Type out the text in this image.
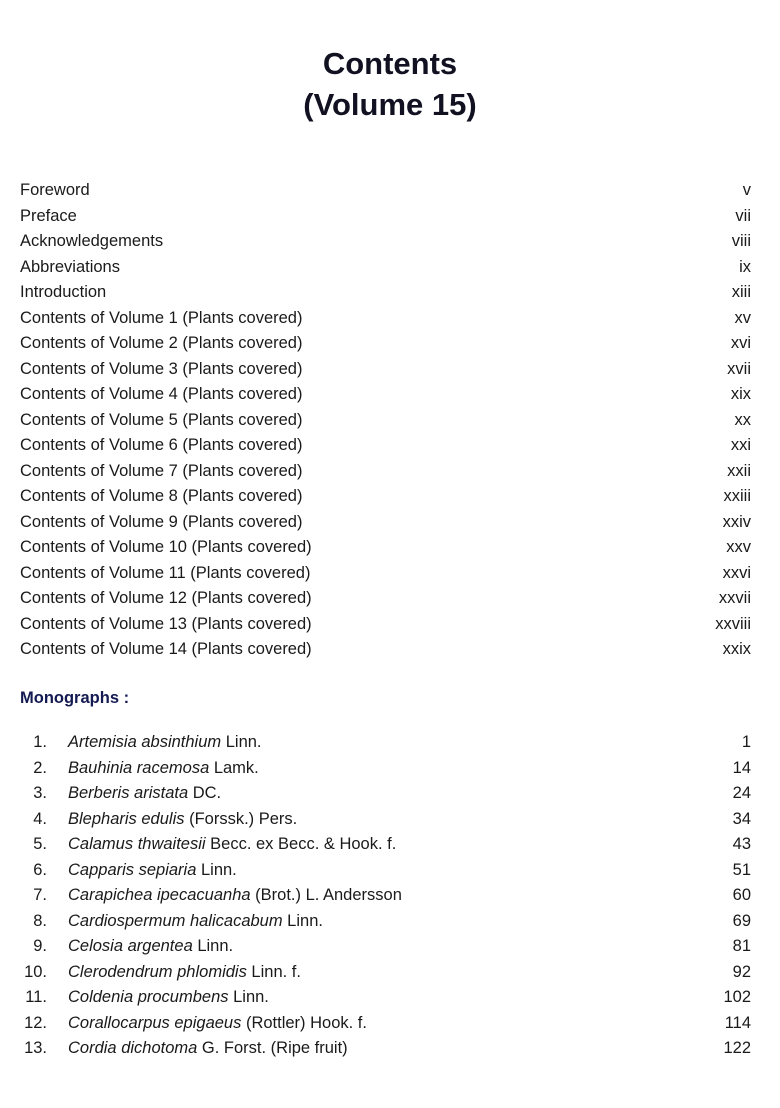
Contents
(Volume 15)
Foreword	v
Preface	vii
Acknowledgements	viii
Abbreviations	ix
Introduction	xiii
Contents of Volume 1 (Plants covered)	xv
Contents of Volume 2 (Plants covered)	xvi
Contents of Volume 3 (Plants covered)	xvii
Contents of Volume 4 (Plants covered)	xix
Contents of Volume 5 (Plants covered)	xx
Contents of Volume 6 (Plants covered)	xxi
Contents of Volume 7 (Plants covered)	xxii
Contents of Volume 8 (Plants covered)	xxiii
Contents of Volume 9 (Plants covered)	xxiv
Contents of Volume 10 (Plants covered)	xxv
Contents of Volume 11 (Plants covered)	xxvi
Contents of Volume 12 (Plants covered)	xxvii
Contents of Volume 13 (Plants covered)	xxviii
Contents of Volume 14 (Plants covered)	xxix
Monographs :
1. Artemisia absinthium Linn.	1
2. Bauhinia racemosa Lamk.	14
3. Berberis aristata DC.	24
4. Blepharis edulis (Forssk.) Pers.	34
5. Calamus thwaitesii Becc. ex Becc. & Hook. f.	43
6. Capparis sepiaria Linn.	51
7. Carapichea ipecacuanha (Brot.) L. Andersson	60
8. Cardiospermum halicacabum Linn.	69
9. Celosia argentea Linn.	81
10. Clerodendrum phlomidis Linn. f.	92
11. Coldenia procumbens Linn.	102
12. Corallocarpus epigaeus (Rottler) Hook. f.	114
13. Cordia dichotoma G. Forst. (Ripe fruit)	122
